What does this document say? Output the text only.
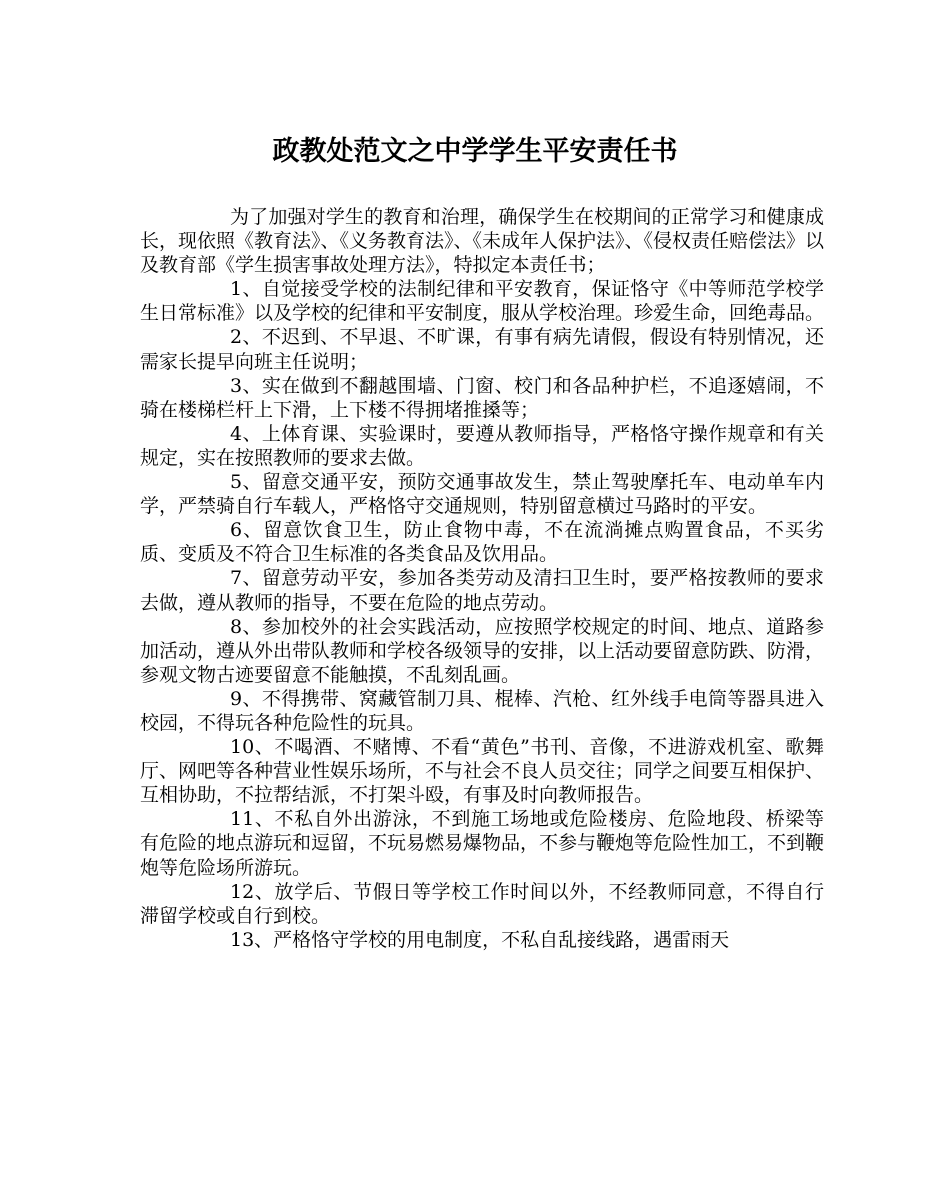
政教处范文之中学学生平安责任书

为了加强对学生的教育和治理，确保学生在校期间的正常学习和健康成长，现依照《教育法》、《义务教育法》、《未成年人保护法》、《侵权责任赔偿法》以及教育部《学生损害事故处理方法》，特拟定本责任书；

1、自觉接受学校的法制纪律和平安教育，保证恪守《中等师范学校学生日常标准》以及学校的纪律和平安制度，服从学校治理。珍爱生命，回绝毒品。

2、不迟到、不早退、不旷课，有事有病先请假，假设有特别情况，还需家长提早向班主任说明；

3、实在做到不翻越围墙、门窗、校门和各品种护栏，不追逐嬉闹，不骑在楼梯栏杆上下滑，上下楼不得拥堵推搡等；

4、上体育课、实验课时，要遵从教师指导，严格恪守操作规章和有关规定，实在按照教师的要求去做。

5、留意交通平安，预防交通事故发生，禁止驾驶摩托车、电动单车内学，严禁骑自行车载人，严格恪守交通规则，特别留意横过马路时的平安。

6、留意饮食卫生，防止食物中毒，不在流淌摊点购置食品，不买劣质、变质及不符合卫生标准的各类食品及饮用品。

7、留意劳动平安，参加各类劳动及清扫卫生时，要严格按教师的要求去做，遵从教师的指导，不要在危险的地点劳动。

8、参加校外的社会实践活动，应按照学校规定的时间、地点、道路参加活动，遵从外出带队教师和学校各级领导的安排，以上活动要留意防跌、防滑，参观文物古迹要留意不能触摸，不乱刻乱画。

9、不得携带、窝藏管制刀具、棍棒、汽枪、红外线手电筒等器具进入校园，不得玩各种危险性的玩具。

10、不喝酒、不赌博、不看“黄色”书刊、音像，不进游戏机室、歌舞厅、网吧等各种营业性娱乐场所，不与社会不良人员交往；同学之间要互相保护、互相协助，不拉帮结派，不打架斗殴，有事及时向教师报告。

11、不私自外出游泳，不到施工场地或危险楼房、危险地段、桥梁等有危险的地点游玩和逗留，不玩易燃易爆物品，不参与鞭炮等危险性加工，不到鞭炮等危险场所游玩。

12、放学后、节假日等学校工作时间以外，不经教师同意，不得自行滞留学校或自行到校。

13、严格恪守学校的用电制度，不私自乱接线路，遇雷雨天
